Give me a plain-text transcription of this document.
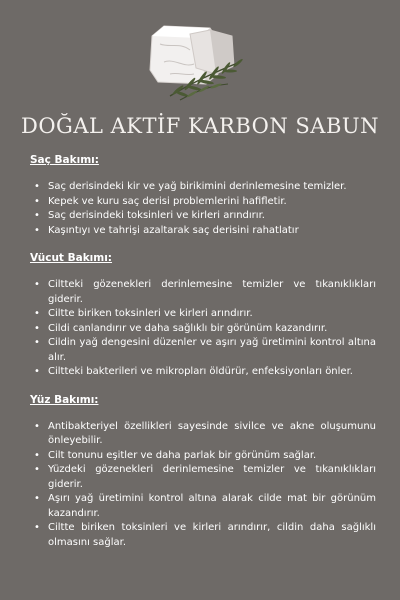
DOĞAL AKTİF KARBON SABUN
Saç Bakımı:
• Saç derisindeki kir ve yağ birikimini derinlemesine temizler.
• Kepek ve kuru saç derisi problemlerini hafifletir.
• Saç derisindeki toksinleri ve kirleri arındırır.
• Kaşıntıyı ve tahrişi azaltarak saç derisini rahatlatır
Vücut Bakımı:
• Ciltteki gözenekleri derinlemesine temizler ve tıkanıklıkları giderir.
• Ciltte biriken toksinleri ve kirleri arındırır.
• Cildi canlandırır ve daha sağlıklı bir görünüm kazandırır.
• Cildin yağ dengesini düzenler ve aşırı yağ üretimini kontrol altına alır.
• Ciltteki bakterileri ve mikropları öldürür, enfeksiyonları önler.
Yüz Bakımı:
• Antibakteriyel özellikleri sayesinde sivilce ve akne oluşumunu önleyebilir.
• Cilt tonunu eşitler ve daha parlak bir görünüm sağlar.
• Yüzdeki gözenekleri derinlemesine temizler ve tıkanıklıkları giderir.
• Aşırı yağ üretimini kontrol altına alarak cilde mat bir görünüm kazandırır.
• Ciltte biriken toksinleri ve kirleri arındırır, cildin daha sağlıklı olmasını sağlar.
